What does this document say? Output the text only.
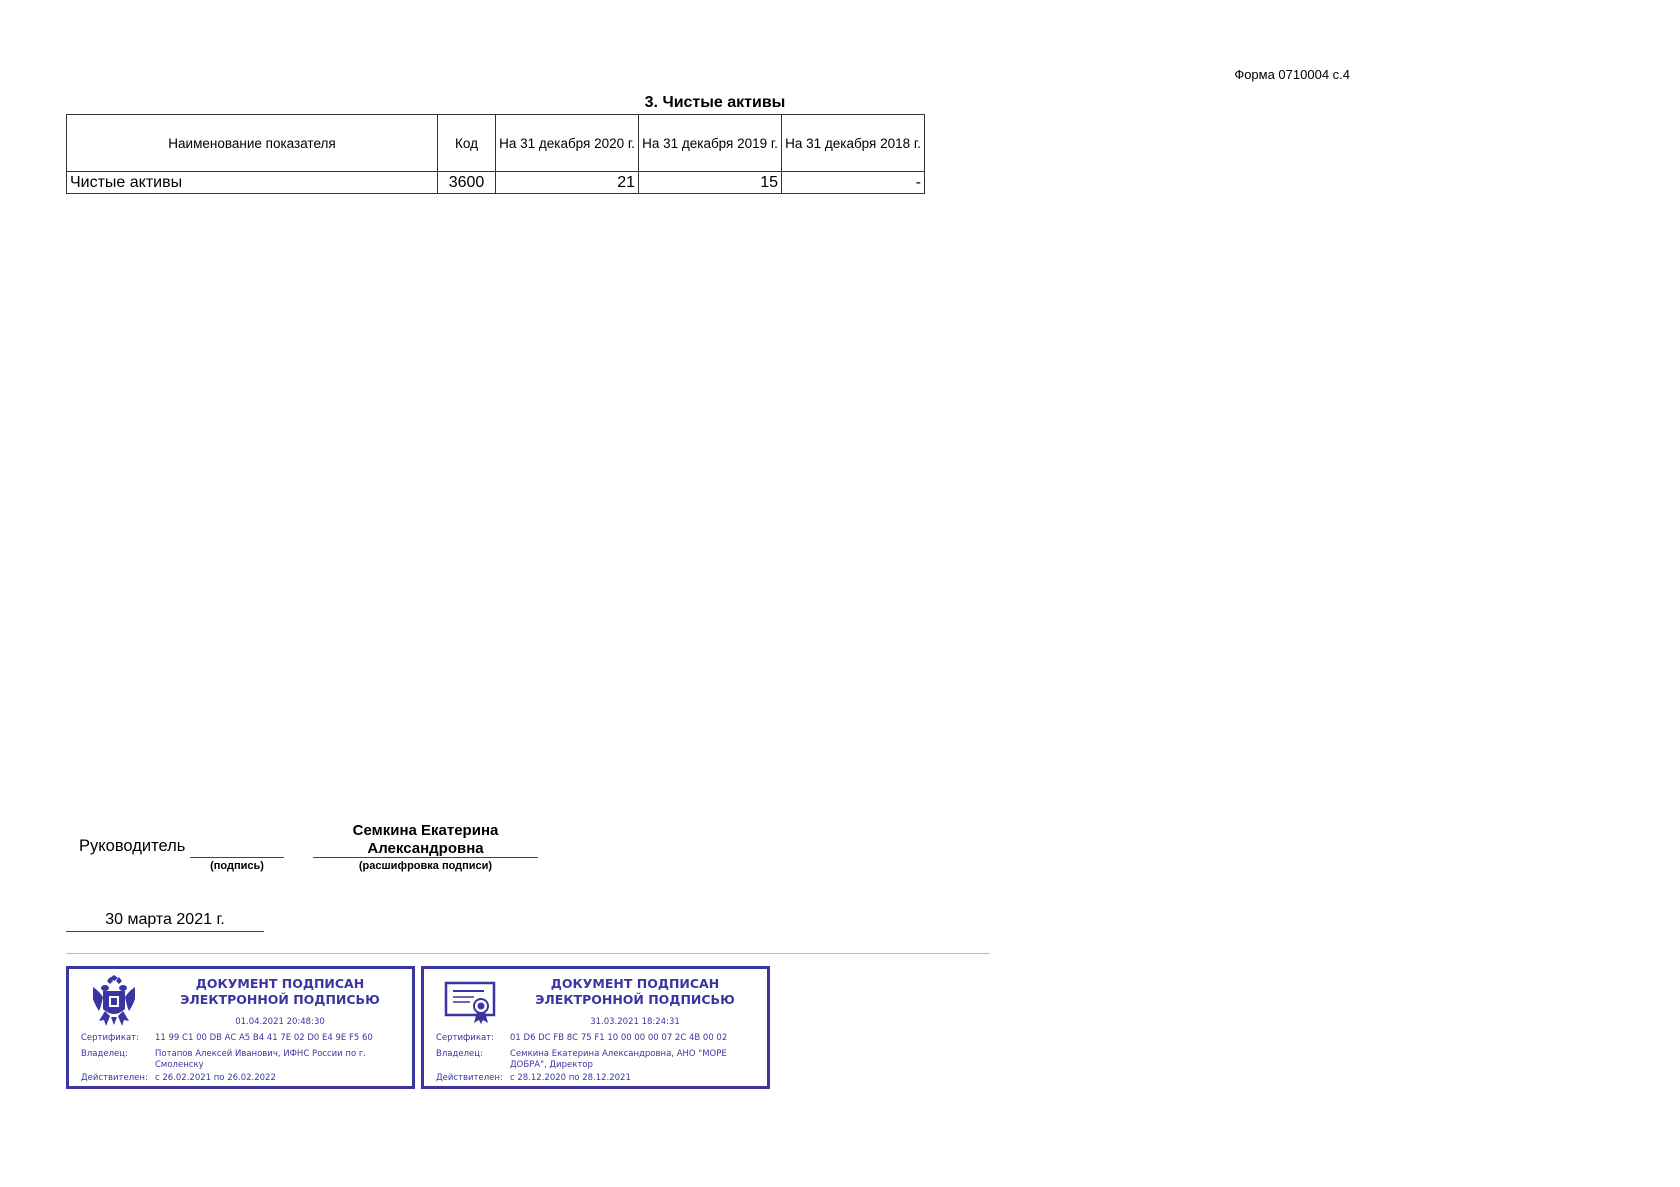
Форма 0710004 с.4
3. Чистые активы
Наименование показателя	Код	На 31 декабря 2020 г.	На 31 декабря 2019 г.	На 31 декабря 2018 г.
Чистые активы	3600	21	15	-
Руководитель
(подпись)
Семкина Екатерина Александровна
(расшифровка подписи)
30 марта 2021 г.
ДОКУМЕНТ ПОДПИСАН ЭЛЕКТРОННОЙ ПОДПИСЬЮ
01.04.2021 20:48:30
Сертификат:	11 99 C1 00 DB AC A5 B4 41 7E 02 D0 E4 9E F5 60
Владелец:	Потапов Алексей Иванович, ИФНС России по г. Смоленску
Действителен: с 26.02.2021 по 26.02.2022
ДОКУМЕНТ ПОДПИСАН ЭЛЕКТРОННОЙ ПОДПИСЬЮ
31.03.2021 18:24:31
Сертификат:	01 D6 DC FB 8C 75 F1 10 00 00 00 07 2C 4B 00 02
Владелец:	Семкина Екатерина Александровна, АНО "МОРЕ ДОБРА", Директор
Действителен: с 28.12.2020 по 28.12.2021
